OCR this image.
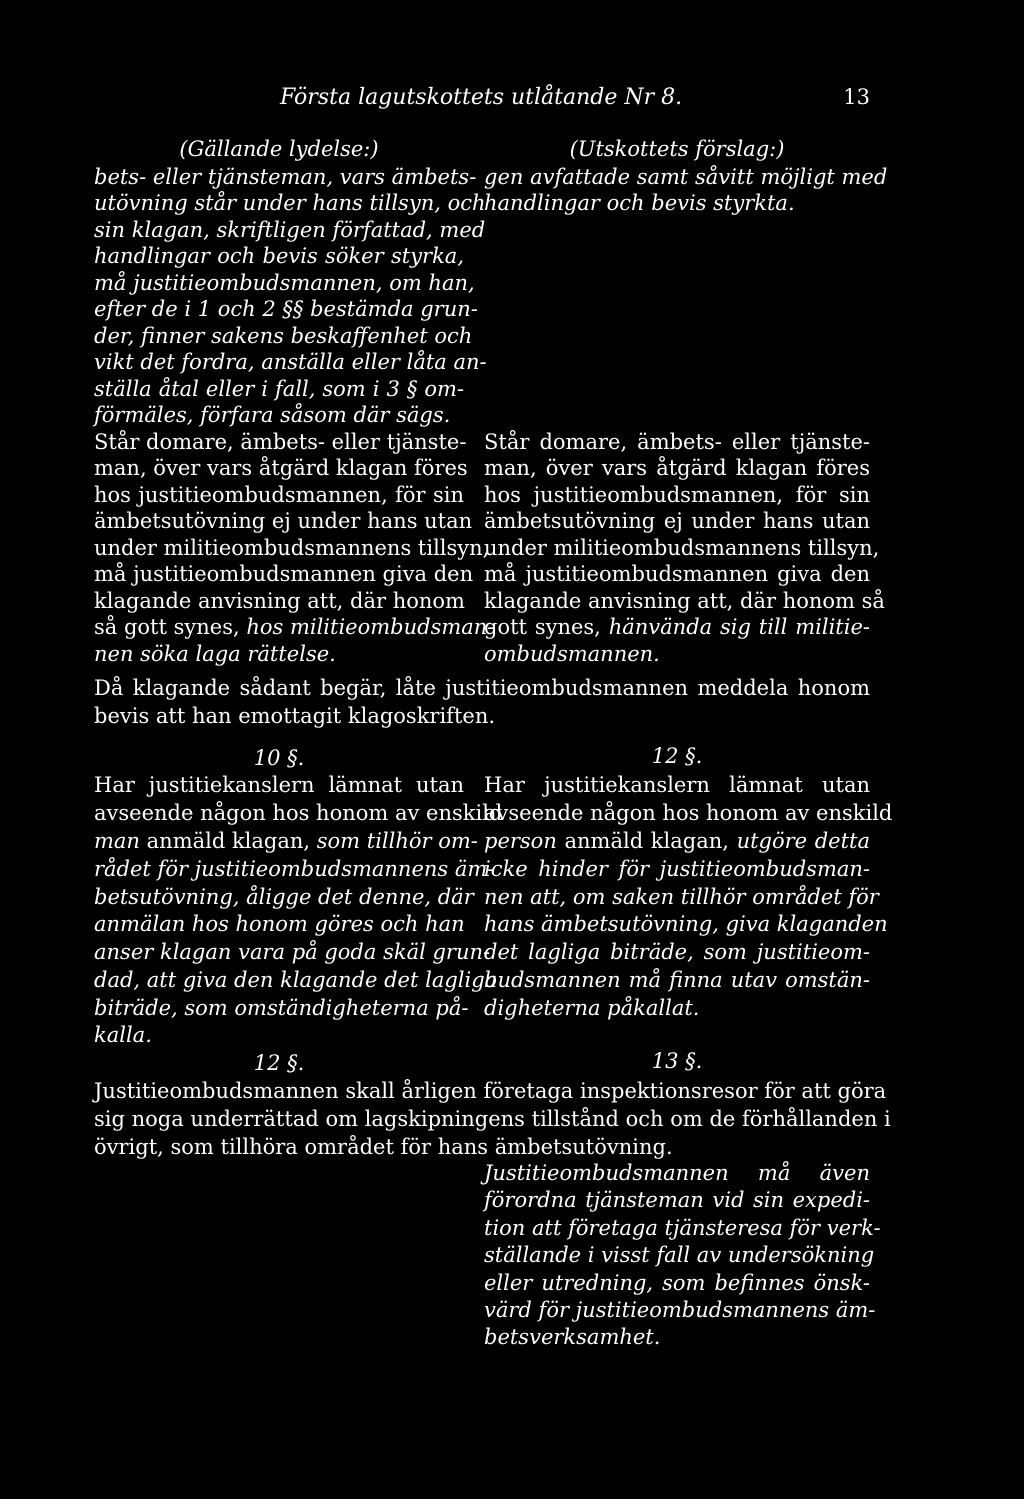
Första lagutskottets utlåtande Nr 8.	13
(Gällande lydelse:)	(Utskottets förslag:)
bets- eller tjänsteman, vars ämbets-
utövning står under hans tillsyn, och
sin klagan, skriftligen författad, med
handlingar och bevis söker styrka,
må justitieombudsmannen, om han,
efter de i 1 och 2 §§ bestämda grun-
der, finner sakens beskaffenhet och
vikt det fordra, anställa eller låta an-
ställa åtal eller i fall, som i 3 § om-
förmäles, förfara såsom där sägs.
gen avfattade samt såvitt möjligt med
handlingar och bevis styrkta.
Står domare, ämbets- eller tjänste-
man, över vars åtgärd klagan föres
hos justitieombudsmannen, för sin
ämbetsutövning ej under hans utan
under militieombudsmannens tillsyn,
må justitieombudsmannen giva den
klagande anvisning att, där honom
så gott synes, hos militieombudsman-
nen söka laga rättelse.
Står domare, ämbets- eller tjänste-
man, över vars åtgärd klagan föres
hos justitieombudsmannen, för sin
ämbetsutövning ej under hans utan
under militieombudsmannens tillsyn,
må justitieombudsmannen giva den
klagande anvisning att, där honom så
gott synes, hänvända sig till militie-
ombudsmannen.
Då klagande sådant begär, låte justitieombudsmannen meddela honom
bevis att han emottagit klagoskriften.
10 §.	12 §.
Har justitiekanslern lämnat utan
avseende någon hos honom av enskild
man anmäld klagan, som tillhör om-
rådet för justitieombudsmannens äm-
betsutövning, åligge det denne, där
anmälan hos honom göres och han
anser klagan vara på goda skäl grun-
dad, att giva den klagande det lagliga
biträde, som omständigheterna på-
kalla.
Har justitiekanslern lämnat utan
avseende någon hos honom av enskild
person anmäld klagan, utgöre detta
icke hinder för justitieombudsman-
nen att, om saken tillhör området för
hans ämbetsutövning, giva klaganden
det lagliga biträde, som justitieom-
budsmannen må finna utav omstän-
digheterna påkallat.
12 §.	13 §.
Justitieombudsmannen skall årligen företaga inspektionsresor för att göra
sig noga underrättad om lagskipningens tillstånd och om de förhållanden i
övrigt, som tillhöra området för hans ämbetsutövning.
Justitieombudsmannen må även
förordna tjänsteman vid sin expedi-
tion att företaga tjänsteresa för verk-
ställande i visst fall av undersökning
eller utredning, som befinnes önsk-
värd för justitieombudsmannens äm-
betsverksamhet.
